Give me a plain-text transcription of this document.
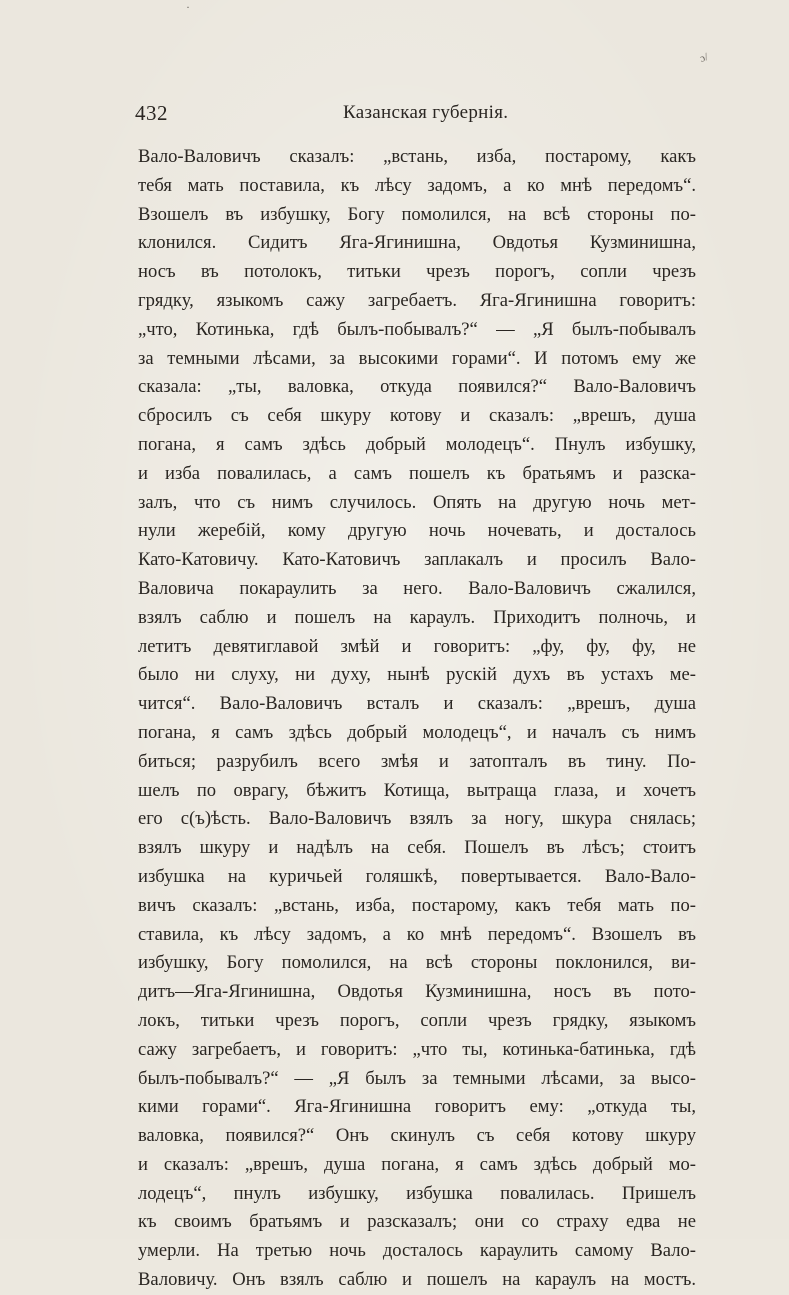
·
ɔ/
432	Казанская губернія.
Вало-Валовичъ сказалъ: „встань, изба, постарому, какъ
тебя мать поставила, къ лѣсу задомъ, а ко мнѣ передомъ“.
Взошелъ въ избушку, Богу помолился, на всѣ стороны по-
клонился. Сидитъ Яга-Ягинишна, Овдотья Кузминишна,
носъ въ потолокъ, титьки чрезъ порогъ, сопли чрезъ
грядку, языкомъ сажу загребаетъ. Яга-Ягинишна говоритъ:
„что, Котинька, гдѣ былъ-побывалъ?“ — „Я былъ-побывалъ
за темными лѣсами, за высокими горами“. И потомъ ему же
сказала: „ты, валовка, откуда появился?“ Вало-Валовичъ
сбросилъ съ себя шкуру котову и сказалъ: „врешъ, душа
погана, я самъ здѣсь добрый молодецъ“. Пнулъ избушку,
и изба повалилась, а самъ пошелъ къ братьямъ и разска-
залъ, что съ нимъ случилось. Опять на другую ночь мет-
нули жеребій, кому другую ночь ночевать, и досталось
Като-Катовичу. Като-Катовичъ заплакалъ и просилъ Вало-
Валовича покараулить за него. Вало-Валовичъ сжалился,
взялъ саблю и пошелъ на караулъ. Приходитъ полночь, и
летитъ девятиглавой змѣй и говоритъ: „фу, фу, фу, не
было ни слуху, ни духу, нынѣ рускій духъ въ устахъ ме-
чится“. Вало-Валовичъ всталъ и сказалъ: „врешъ, душа
погана, я самъ здѣсь добрый молодецъ“, и началъ съ нимъ
биться; разрубилъ всего змѣя и затопталъ въ тину. По-
шелъ по оврагу, бѣжитъ Котища, вытраща глаза, и хочетъ
его с(ъ)ѣсть. Вало-Валовичъ взялъ за ногу, шкура снялась;
взялъ шкуру и надѣлъ на себя. Пошелъ въ лѣсъ; стоитъ
избушка на куричьей голяшкѣ, повертывается. Вало-Вало-
вичъ сказалъ: „встань, изба, постарому, какъ тебя мать по-
ставила, къ лѣсу задомъ, а ко мнѣ передомъ“. Взошелъ въ
избушку, Богу помолился, на всѣ стороны поклонился, ви-
дитъ—Яга-Ягинишна, Овдотья Кузминишна, носъ въ пото-
локъ, титьки чрезъ порогъ, сопли чрезъ грядку, языкомъ
сажу загребаетъ, и говоритъ: „что ты, котинька-батинька, гдѣ
былъ-побывалъ?“ — „Я былъ за темными лѣсами, за высо-
кими горами“. Яга-Ягинишна говоритъ ему: „откуда ты,
валовка, появился?“ Онъ скинулъ съ себя котову шкуру
и сказалъ: „врешъ, душа погана, я самъ здѣсь добрый мо-
лодецъ“, пнулъ избушку, избушка повалилась. Пришелъ
къ своимъ братьямъ и разсказалъ; они со страху едва не
умерли. На третью ночь досталось караулить самому Вало-
Валовичу. Онъ взялъ саблю и пошелъ на караулъ на мостъ.
